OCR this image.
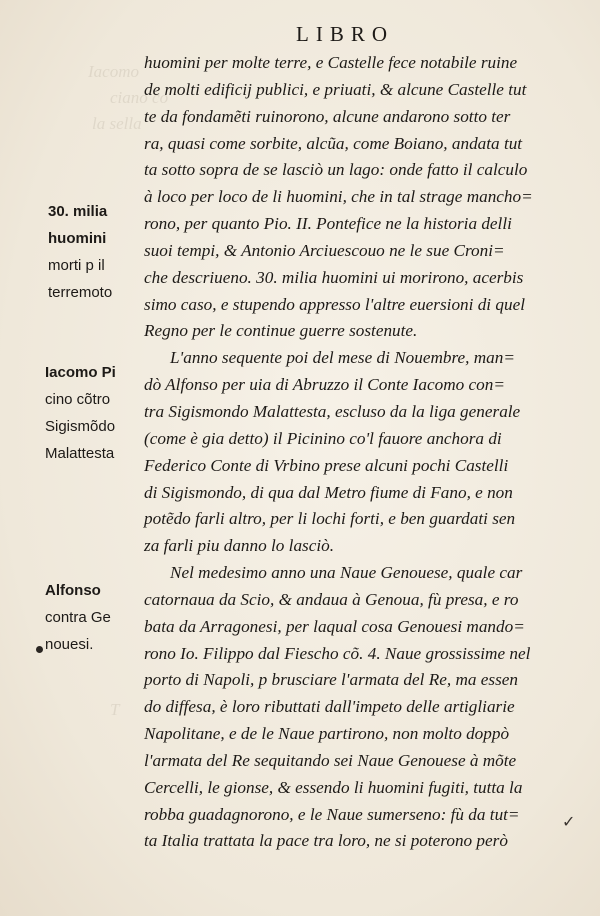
Iacomo
ciano co
la sella
T
LIBRO
huomini per molte terre, e Castelle fece notabile ruine
de molti edificij publici, e priuati, & alcune Castelle tut
te da fondamẽti ruinorono, alcune andarono sotto ter
ra, quasi come sorbite, alcũa, come Boiano, andata tut
ta sotto sopra de se lasciò un lago: onde fatto il calculo
à loco per loco de li huomini, che in tal strage mancho=
rono, per quanto Pio. II. Pontefice ne la historia delli
suoi tempi, & Antonio Arciuescouo ne le sue Croni=
che descriueno. 30. milia huomini ui morirono, acerbis
simo caso, e stupendo appresso l'altre euersioni di quel
Regno per le continue guerre sostenute.
L'anno sequente poi del mese di Nouembre, man=
dò Alfonso per uia di Abruzzo il Conte Iacomo con=
tra Sigismondo Malattesta, escluso da la liga generale
(come è gia detto) il Picinino co'l fauore anchora di
Federico Conte di Vrbino prese alcuni pochi Castelli
di Sigismondo, di qua dal Metro fiume di Fano, e non
potẽdo farli altro, per li lochi forti, e ben guardati sen
za farli piu danno lo lasciò.
Nel medesimo anno una Naue Genouese, quale car
catornaua da Scio, & andaua à Genoua, fù presa, e ro
bata da Arragonesi, per laqual cosa Genouesi mando=
rono Io. Filippo dal Fiescho cõ. 4. Naue grossissime nel
porto di Napoli, p brusciare l'armata del Re, ma essen
do diffesa, è loro ributtati dall'impeto delle artigliarie
Napolitane, e de le Naue partirono, non molto doppò
l'armata del Re sequitando sei Naue Genouese à mõte
Cercelli, le gionse, & essendo li huomini fugiti, tutta la
robba guadagnorono, e le Naue sumerseno: fù da tut=
ta Italia trattata la pace tra loro, ne si poterono però
30. milia
huomini
morti p il
terremoto
Iacomo Pi
cino cõtro
Sigismõdo
Malattesta
Alfonso
contra Ge
nouesi.
✓
